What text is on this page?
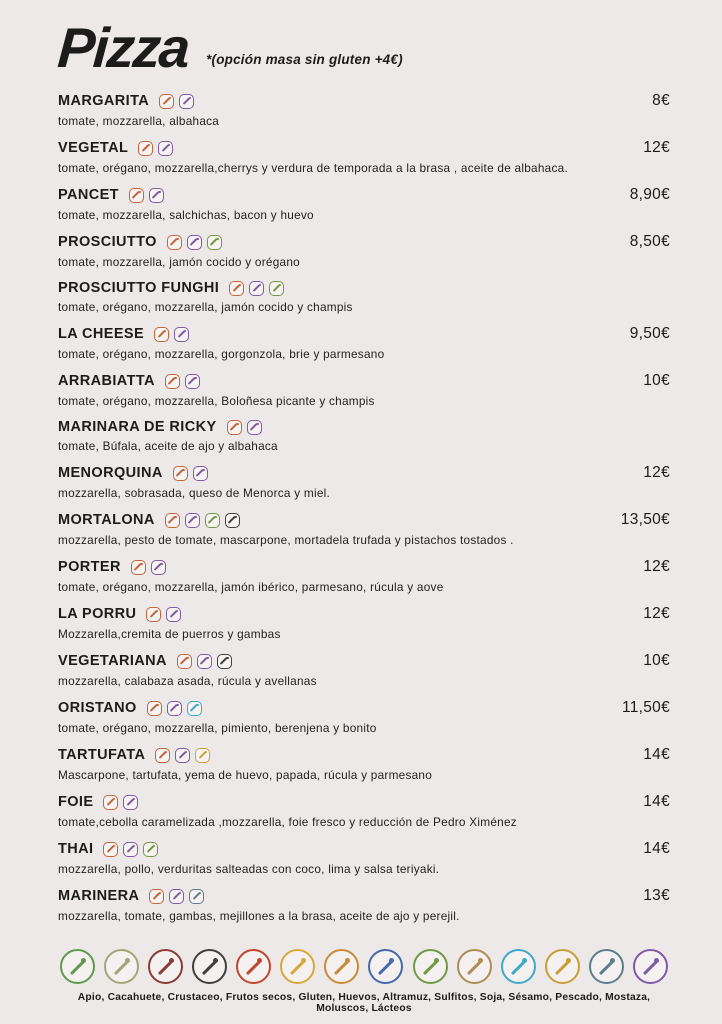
Pizza *(opción masa sin gluten +4€)
MARGARITA	8€
tomate, mozzarella, albahaca
VEGETAL	12€
tomate, orégano, mozzarella,cherrys y verdura de temporada a la brasa , aceite de albahaca.
PANCET	8,90€
tomate, mozzarella, salchichas, bacon y huevo
PROSCIUTTO	8,50€
tomate, mozzarella, jamón cocido y orégano
PROSCIUTTO FUNGHI
tomate, orégano, mozzarella, jamón cocido y champis
LA CHEESE	9,50€
tomate, orégano, mozzarella, gorgonzola, brie y parmesano
ARRABIATTA	10€
tomate, orégano, mozzarella, Boloñesa picante y champis
MARINARA DE RICKY
tomate, Búfala, aceite de ajo y albahaca
MENORQUINA	12€
mozzarella, sobrasada, queso de Menorca y miel.
MORTALONA	13,50€
mozzarella, pesto de tomate, mascarpone, mortadela trufada y pistachos tostados .
PORTER	12€
tomate, orégano, mozzarella, jamón ibérico, parmesano, rúcula y aove
LA PORRU	12€
Mozzarella,cremita de puerros y gambas
VEGETARIANA	10€
mozzarella, calabaza asada, rúcula y avellanas
ORISTANO	11,50€
tomate, orégano, mozzarella, pimiento, berenjena y bonito
TARTUFATA	14€
Mascarpone, tartufata, yema de huevo, papada, rúcula y parmesano
FOIE	14€
tomate,cebolla caramelizada ,mozzarella, foie fresco y reducción de Pedro Ximénez
THAI	14€
mozzarella, pollo, verduritas salteadas con coco, lima y salsa teriyaki.
MARINERA	13€
mozzarella, tomate, gambas, mejillones a la brasa, aceite de ajo y perejil.
Apio, Cacahuete, Crustaceo, Frutos secos, Gluten, Huevos, Altramuz, Sulfitos, Soja, Sésamo, Pescado, Mostaza, Moluscos, Lácteos
